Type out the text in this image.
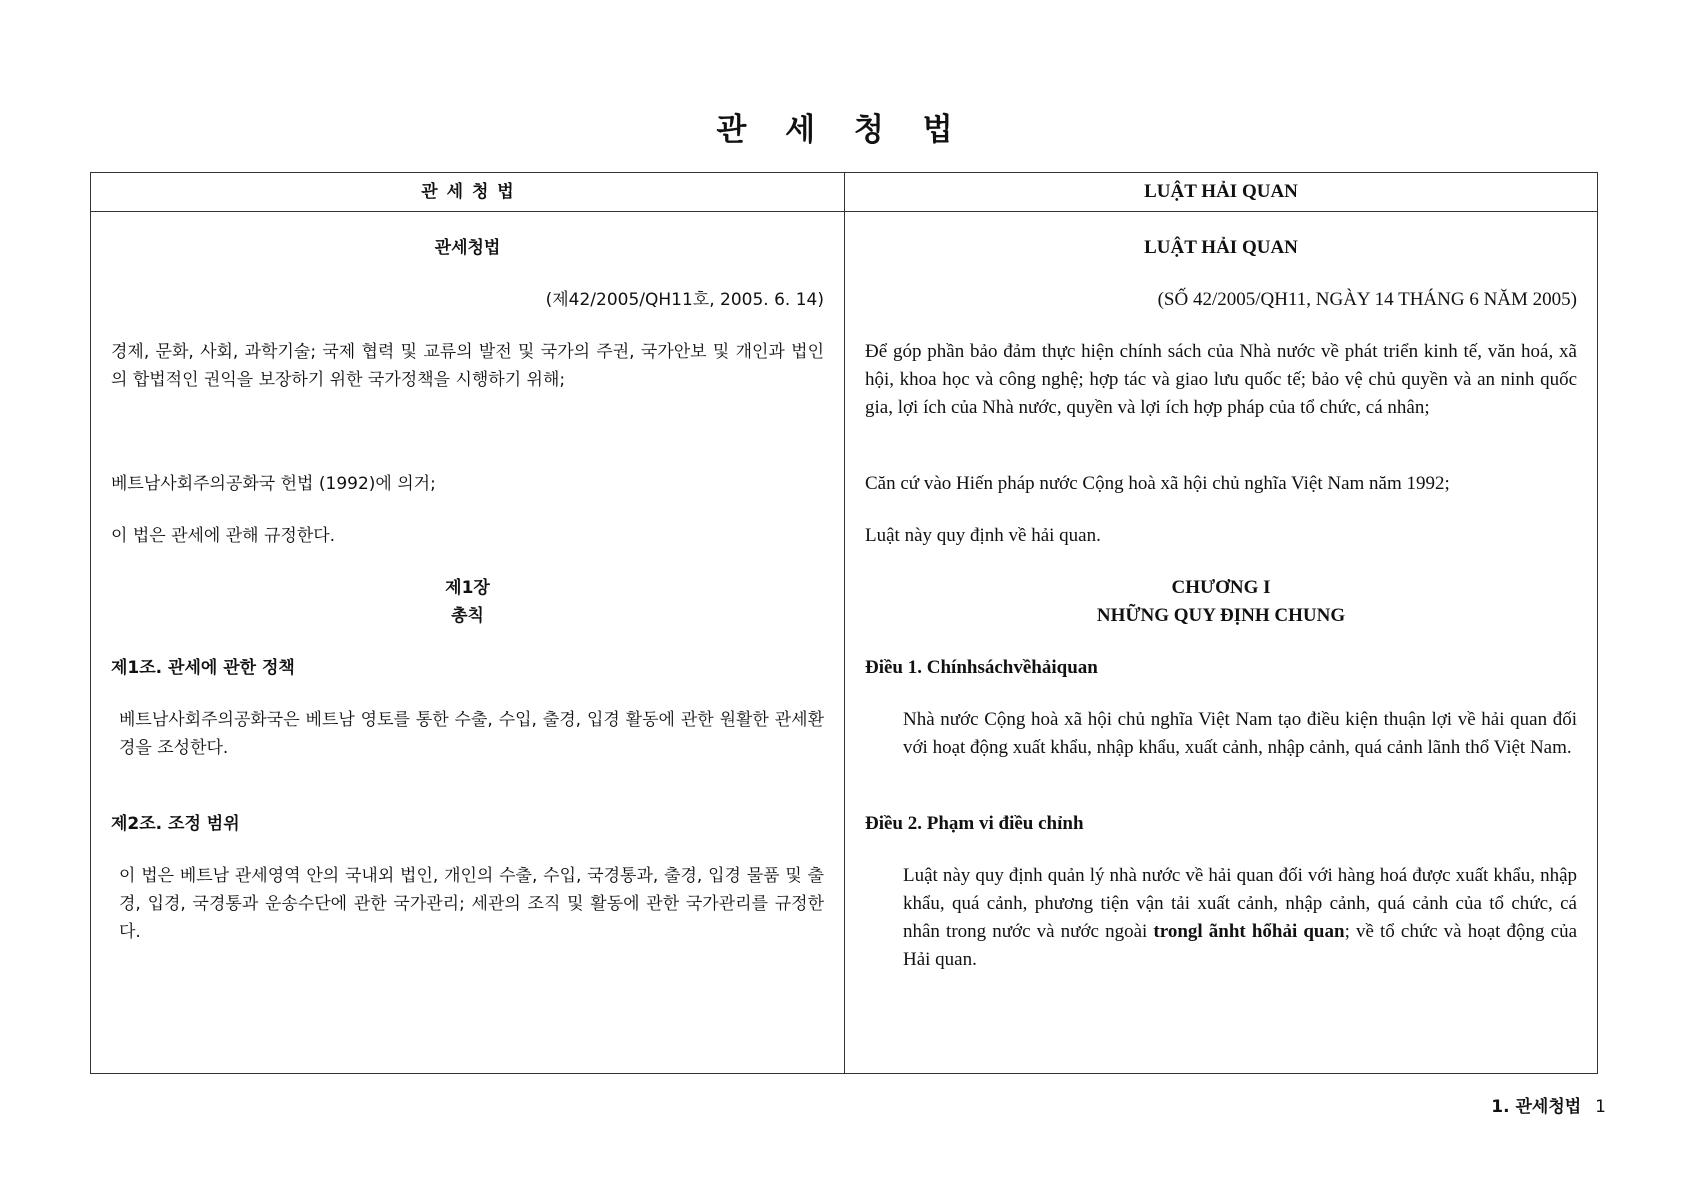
관 세 청 법
관 세 청 법	LUẬT HẢI QUAN
관세청법
(제42/2005/QH11호, 2005. 6. 14)
경제, 문화, 사회, 과학기술; 국제 협력 및 교류의 발전 및 국가의 주권, 국가안보 및 개인과 법인의 합법적인 권익을 보장하기 위한 국가정책을 시행하기 위해;
베트남사회주의공화국 헌법 (1992)에 의거;
이 법은 관세에 관해 규정한다.
제1장
총칙
제1조. 관세에 관한 정책
베트남사회주의공화국은 베트남 영토를 통한 수출, 수입, 출경, 입경 활동에 관한 원활한 관세환경을 조성한다.
제2조. 조정 범위
이 법은 베트남 관세영역 안의 국내외 법인, 개인의 수출, 수입, 국경통과, 출경, 입경 물품 및 출경, 입경, 국경통과 운송수단에 관한 국가관리; 세관의 조직 및 활동에 관한 국가관리를 규정한다.
LUẬT HẢI QUAN
(SỐ 42/2005/QH11, NGÀY 14 THÁNG 6 NĂM 2005)
Để góp phần bảo đảm thực hiện chính sách của Nhà nước về phát triển kinh tế, văn hoá, xã hội, khoa học và công nghệ; hợp tác và giao lưu quốc tế; bảo vệ chủ quyền và an ninh quốc gia, lợi ích của Nhà nước, quyền và lợi ích hợp pháp của tổ chức, cá nhân;
Căn cứ vào Hiến pháp nước Cộng hoà xã hội chủ nghĩa Việt Nam năm 1992;
Luật này quy định về hải quan.
CHƯƠNG I
NHỮNG QUY ĐỊNH CHUNG
Điều 1. Chínhsáchvềhảiquan
Nhà nước Cộng hoà xã hội chủ nghĩa Việt Nam tạo điều kiện thuận lợi về hải quan đối với hoạt động xuất khẩu, nhập khẩu, xuất cảnh, nhập cảnh, quá cảnh lãnh thổ Việt Nam.
Điều 2. Phạm vi điều chỉnh
Luật này quy định quản lý nhà nước về hải quan đối với hàng hoá được xuất khẩu, nhập khẩu, quá cảnh, phương tiện vận tải xuất cảnh, nhập cảnh, quá cảnh của tổ chức, cá nhân trong nước và nước ngoài trongl ãnht hổhải quan; về tổ chức và hoạt động của Hải quan.
1. 관세청법 1
